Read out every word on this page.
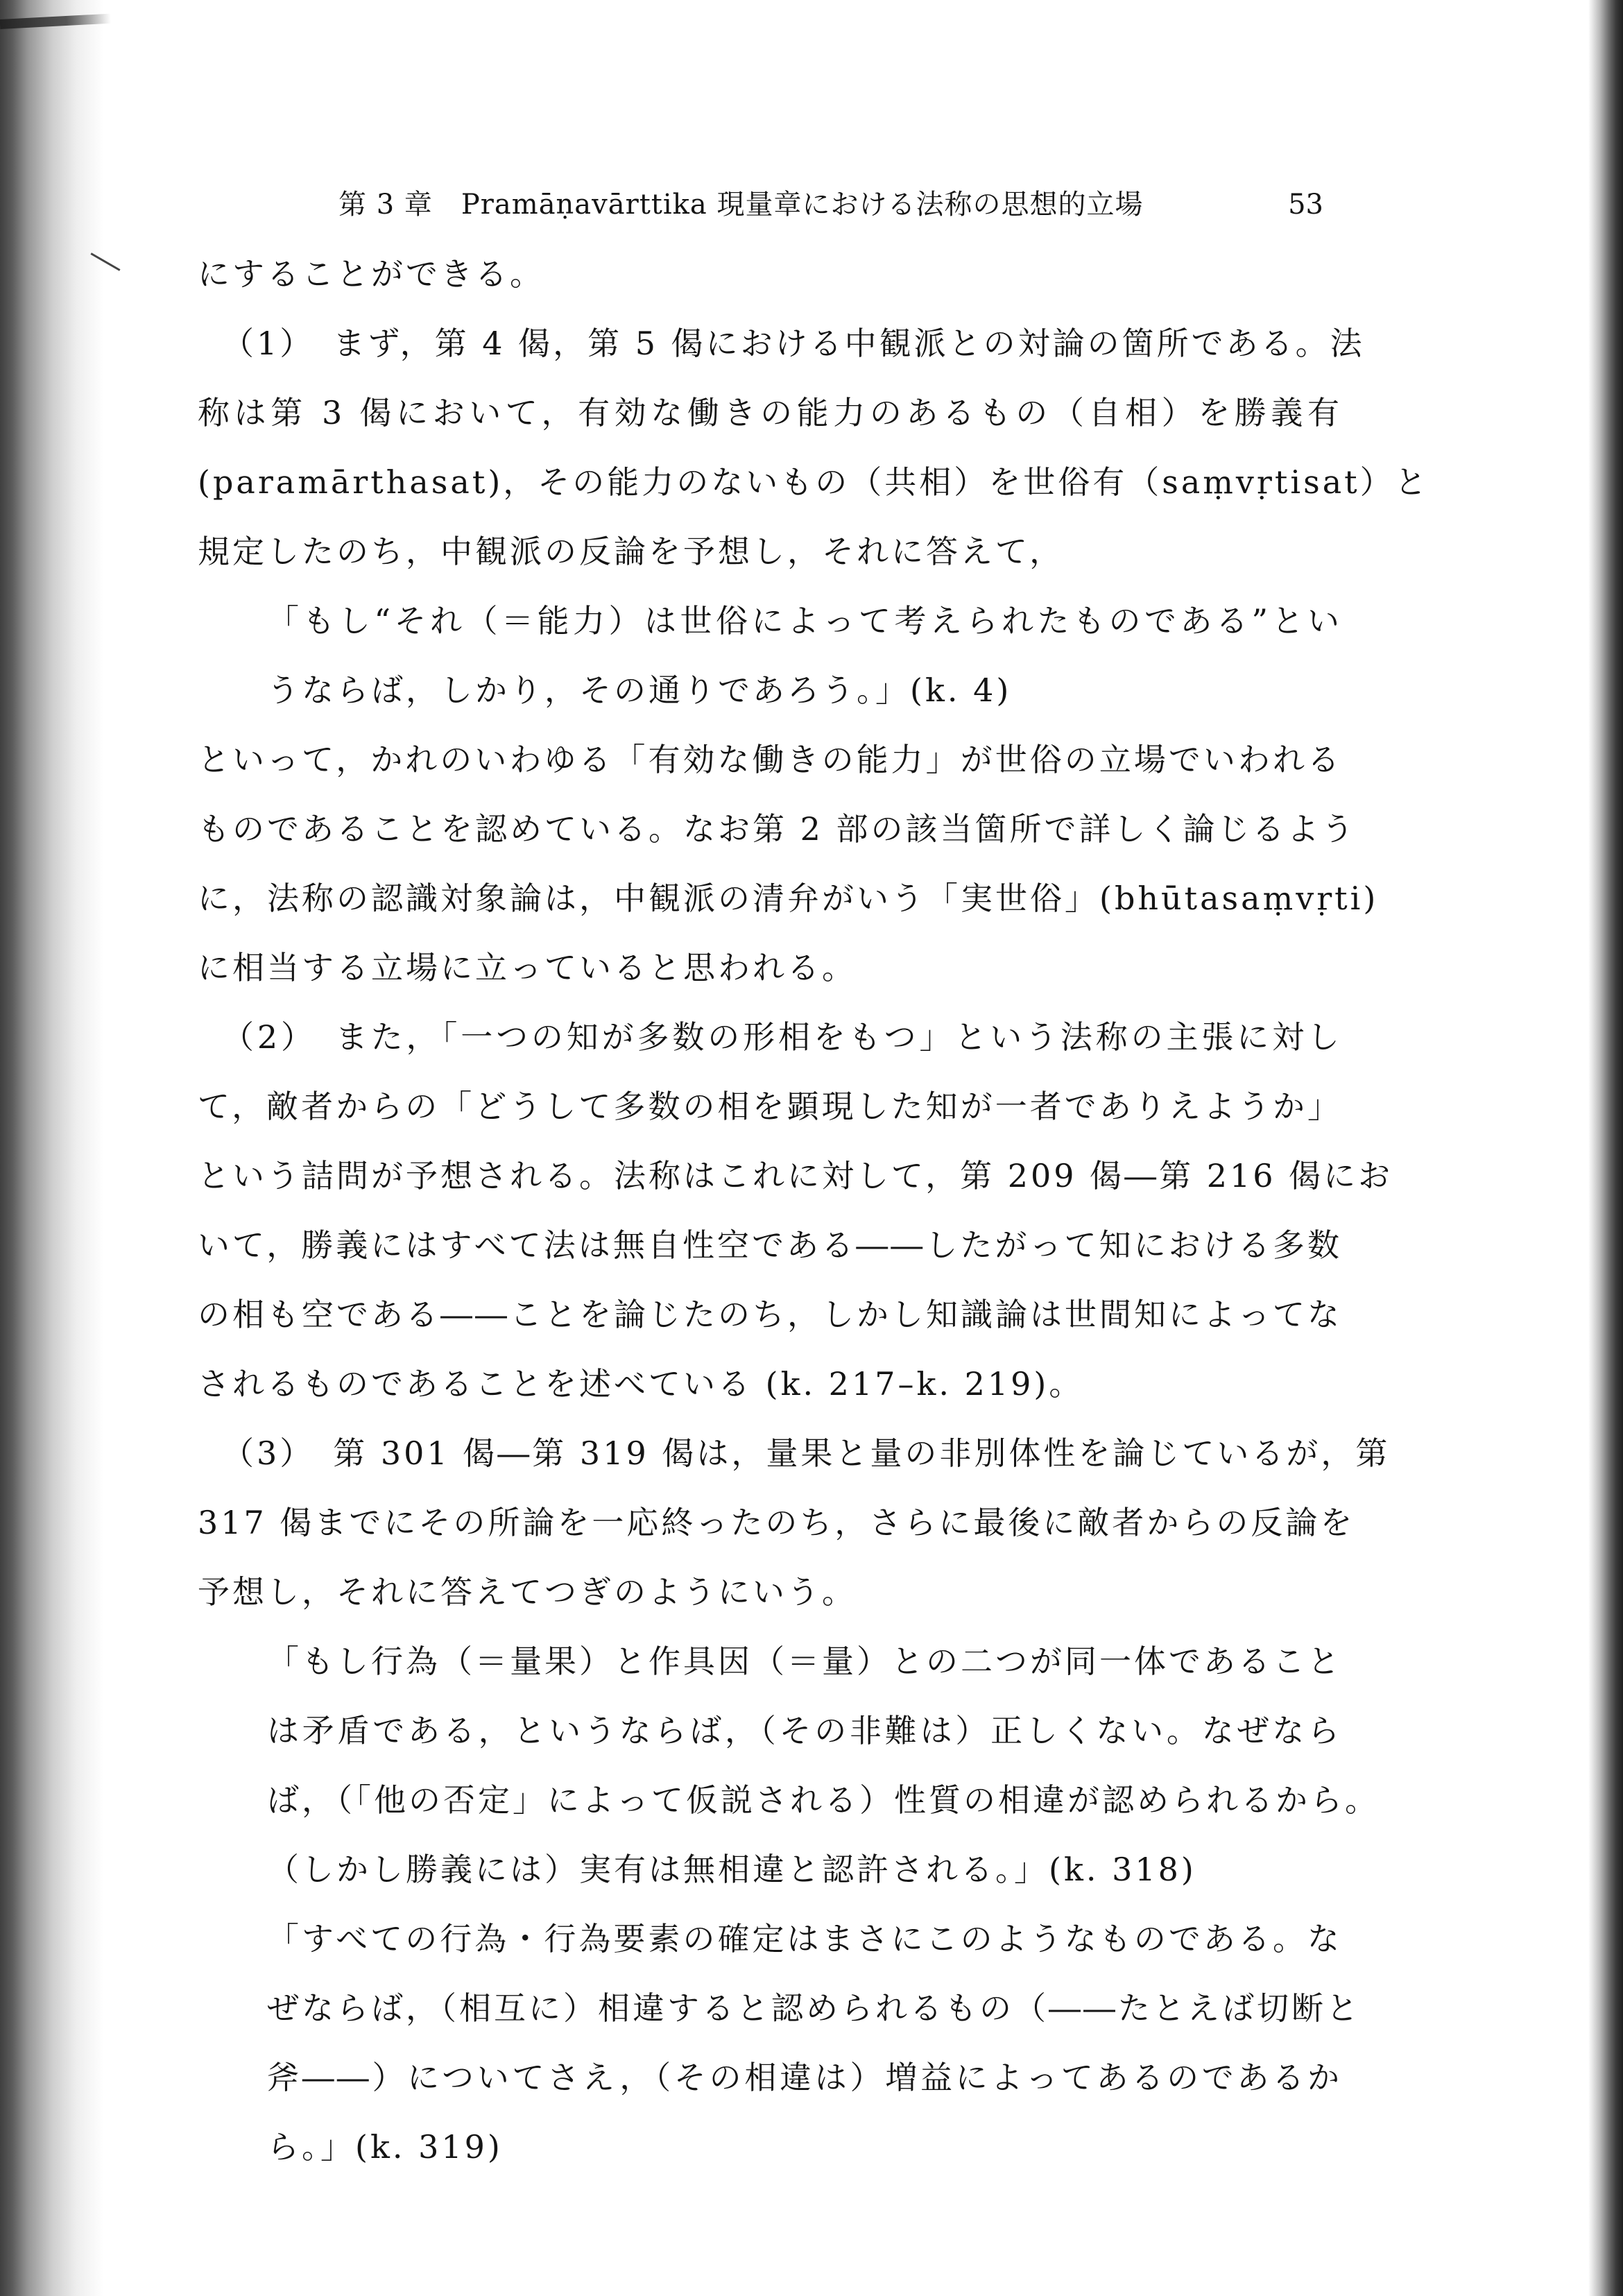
第 3 章　Pramāṇavārttika 現量章における法称の思想的立場	53
にすることができる。
（1）　まず，第 4 偈，第 5 偈における中観派との対論の箇所である。法
称は第 3 偈において，有効な働きの能力のあるもの（自相）を勝義有
(paramārthasat)，その能力のないもの（共相）を世俗有（saṃvṛtisat）と
規定したのち，中観派の反論を予想し，それに答えて，
「もし“それ（＝能力）は世俗によって考えられたものである”とい
うならば，しかり，その通りであろう。」(k. 4)
といって，かれのいわゆる「有効な働きの能力」が世俗の立場でいわれる
ものであることを認めている。なお第 2 部の該当箇所で詳しく論じるよう
に，法称の認識対象論は，中観派の清弁がいう「実世俗」(bhūtasaṃvṛti)
に相当する立場に立っていると思われる。
（2）　また，「一つの知が多数の形相をもつ」という法称の主張に対し
て，敵者からの「どうして多数の相を顕現した知が一者でありえようか」
という詰問が予想される。法称はこれに対して，第 209 偈―第 216 偈にお
いて，勝義にはすべて法は無自性空である――したがって知における多数
の相も空である――ことを論じたのち，しかし知識論は世間知によってな
されるものであることを述べている (k. 217–k. 219)。
（3）　第 301 偈―第 319 偈は，量果と量の非別体性を論じているが，第
317 偈までにその所論を一応終ったのち，さらに最後に敵者からの反論を
予想し，それに答えてつぎのようにいう。
「もし行為（＝量果）と作具因（＝量）との二つが同一体であること
は矛盾である，というならば，（その非難は）正しくない。なぜなら
ば，（「他の否定」によって仮説される）性質の相違が認められるから。
（しかし勝義には）実有は無相違と認許される。」(k. 318)
「すべての行為・行為要素の確定はまさにこのようなものである。な
ぜならば，（相互に）相違すると認められるもの（――たとえば切断と
斧――）についてさえ，（その相違は）増益によってあるのであるか
ら。」(k. 319)
